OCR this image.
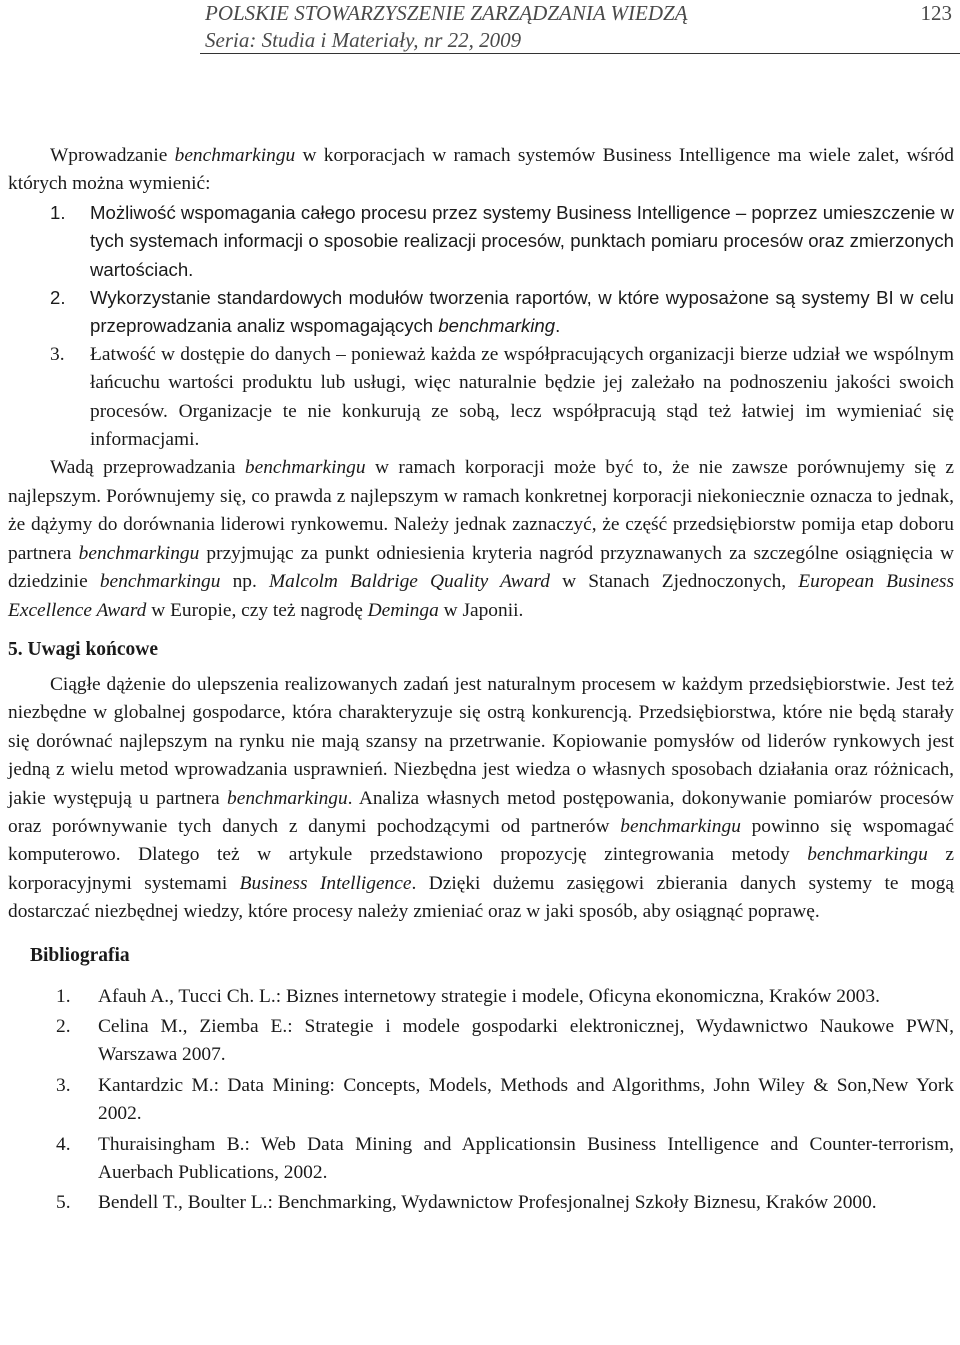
POLSKIE STOWARZYSZENIE ZARZĄDZANIA WIEDZĄ
Seria: Studia i Materiały, nr 22, 2009
123

Wprowadzanie benchmarkingu w korporacjach w ramach systemów Business Intelligence ma wiele zalet, wśród których można wymienić:

1. Możliwość wspomagania całego procesu przez systemy Business Intelligence – poprzez umieszczenie w tych systemach informacji o sposobie realizacji procesów, punktach pomiaru procesów oraz zmierzonych wartościach.
2. Wykorzystanie standardowych modułów tworzenia raportów, w które wyposażone są systemy BI w celu przeprowadzania analiz wspomagających benchmarking.
3. Łatwość w dostępie do danych – ponieważ każda ze współpracujących organizacji bierze udział we wspólnym łańcuchu wartości produktu lub usługi, więc naturalnie będzie jej zależało na podnoszeniu jakości swoich procesów. Organizacje te nie konkurują ze sobą, lecz współpracują stąd też łatwiej im wymieniać się informacjami.

Wadą przeprowadzania benchmarkingu w ramach korporacji może być to, że nie zawsze porównujemy się z najlepszym. Porównujemy się, co prawda z najlepszym w ramach konkretnej korporacji niekoniecznie oznacza to jednak, że dążymy do dorównania liderowi rynkowemu. Należy jednak zaznaczyć, że część przedsiębiorstw pomija etap doboru partnera benchmarkingu przyjmując za punkt odniesienia kryteria nagród przyznawanych za szczególne osiągnięcia w dziedzinie benchmarkingu np. Malcolm Baldrige Quality Award w Stanach Zjednoczonych, European Business Excellence Award w Europie, czy też nagrodę Deminga w Japonii.

5. Uwagi końcowe

Ciągłe dążenie do ulepszenia realizowanych zadań jest naturalnym procesem w każdym przedsiębiorstwie. Jest też niezbędne w globalnej gospodarce, która charakteryzuje się ostrą konkurencją. Przedsiębiorstwa, które nie będą starały się dorównać najlepszym na rynku nie mają szansy na przetrwanie. Kopiowanie pomysłów od liderów rynkowych jest jedną z wielu metod wprowadzania usprawnień. Niezbędna jest wiedza o własnych sposobach działania oraz różnicach, jakie występują u partnera benchmarkingu. Analiza własnych metod postępowania, dokonywanie pomiarów procesów oraz porównywanie tych danych z danymi pochodzącymi od partnerów benchmarkingu powinno się wspomagać komputerowo. Dlatego też w artykule przedstawiono propozycję zintegrowania metody benchmarkingu z korporacyjnymi systemami Business Intelligence. Dzięki dużemu zasięgowi zbierania danych systemy te mogą dostarczać niezbędnej wiedzy, które procesy należy zmieniać oraz w jaki sposób, aby osiągnąć poprawę.

Bibliografia
1. Afauh A., Tucci Ch. L.: Biznes internetowy strategie i modele, Oficyna ekonomiczna, Kraków 2003.
2. Celina M., Ziemba E.: Strategie i modele gospodarki elektronicznej, Wydawnictwo Naukowe PWN, Warszawa 2007.
3. Kantardzic M.: Data Mining: Concepts, Models, Methods and Algorithms, John Wiley & Son,New York 2002.
4. Thuraisingham B.: Web Data Mining and Applicationsin Business Intelligence and Counter-terrorism, Auerbach Publications, 2002.
5. Bendell T., Boulter L.: Benchmarking, Wydawnictow Profesjonalnej Szkoły Biznesu, Kraków 2000.
